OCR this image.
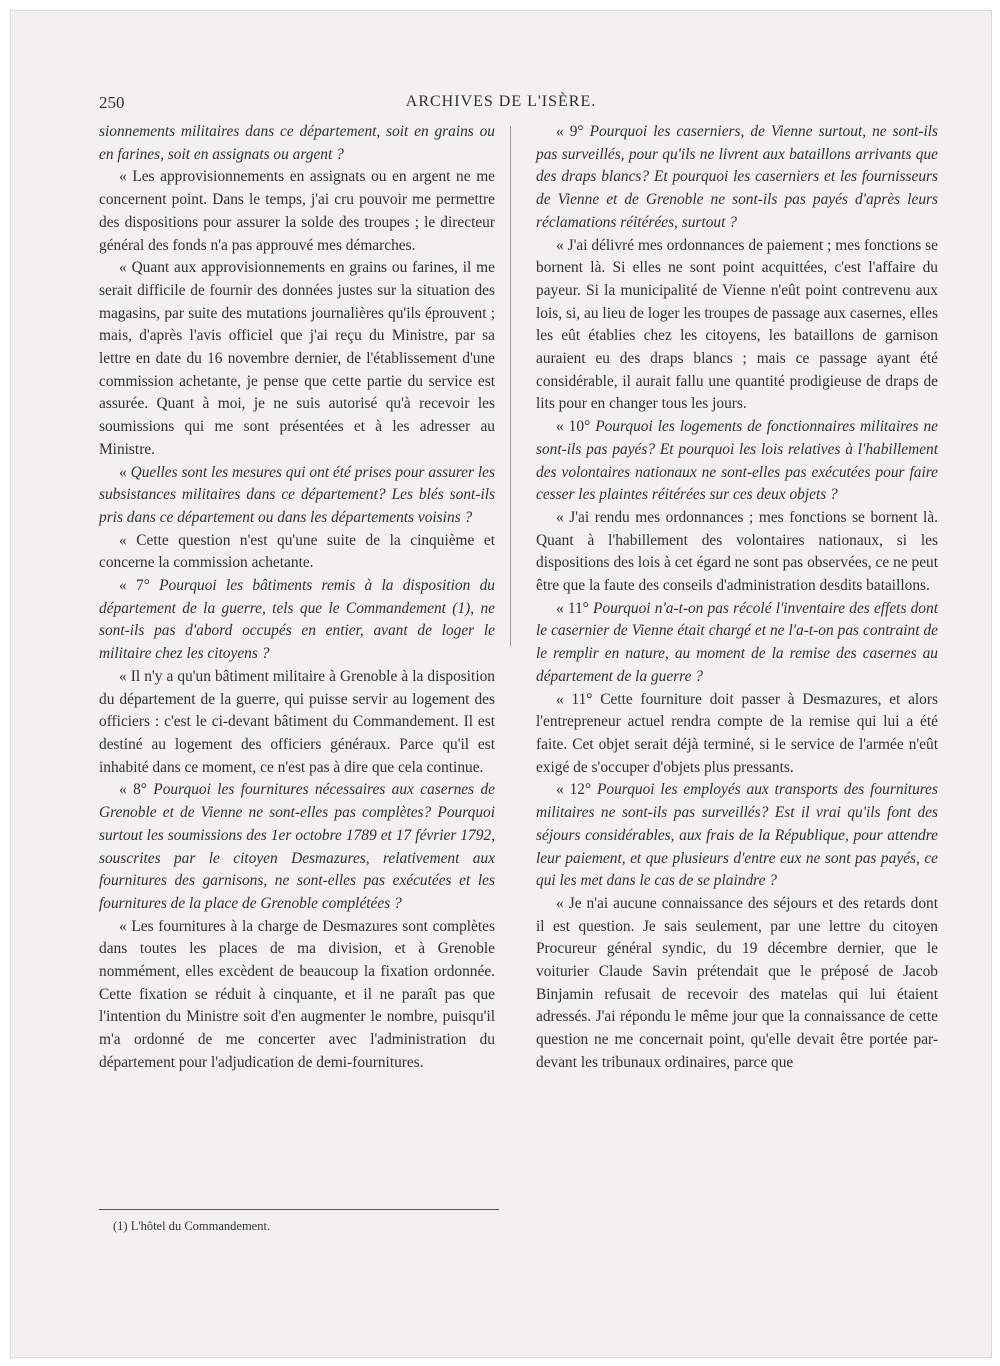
250	ARCHIVES DE L'ISÈRE.

sionnements militaires dans ce département, soit en grains ou en farines, soit en assignats ou argent ?

« Les approvisionnements en assignats ou en argent ne me concernent point. Dans le temps, j'ai cru pouvoir me permettre des dispositions pour assurer la solde des troupes ; le directeur général des fonds n'a pas approuvé mes démarches.

« Quant aux approvisionnements en grains ou farines, il me serait difficile de fournir des données justes sur la situation des magasins, par suite des mutations journalières qu'ils éprouvent ; mais, d'après l'avis officiel que j'ai reçu du Ministre, par sa lettre en date du 16 novembre dernier, de l'établissement d'une commission achetante, je pense que cette partie du service est assurée. Quant à moi, je ne suis autorisé qu'à recevoir les soumissions qui me sont présentées et à les adresser au Ministre.

« Quelles sont les mesures qui ont été prises pour assurer les subsistances militaires dans ce département? Les blés sont-ils pris dans ce département ou dans les départements voisins ?

« Cette question n'est qu'une suite de la cinquième et concerne la commission achetante.

« 7° Pourquoi les bâtiments remis à la disposition du département de la guerre, tels que le Commandement (1), ne sont-ils pas d'abord occupés en entier, avant de loger le militaire chez les citoyens ?

« Il n'y a qu'un bâtiment militaire à Grenoble à la disposition du département de la guerre, qui puisse servir au logement des officiers : c'est le ci-devant bâtiment du Commandement. Il est destiné au logement des officiers généraux. Parce qu'il est inhabité dans ce moment, ce n'est pas à dire que cela continue.

« 8° Pourquoi les fournitures nécessaires aux casernes de Grenoble et de Vienne ne sont-elles pas complètes? Pourquoi surtout les soumissions des 1er octobre 1789 et 17 février 1792, souscrites par le citoyen Desmazures, relativement aux fournitures des garnisons, ne sont-elles pas exécutées et les fournitures de la place de Grenoble complétées ?

« Les fournitures à la charge de Desmazures sont complètes dans toutes les places de ma division, et à Grenoble nommément, elles excèdent de beaucoup la fixation ordonnée. Cette fixation se réduit à cinquante, et il ne paraît pas que l'intention du Ministre soit d'en augmenter le nombre, puisqu'il m'a ordonné de me concerter avec l'administration du département pour l'adjudication de demi-fournitures.

« 9° Pourquoi les caserniers, de Vienne surtout, ne sont-ils pas surveillés, pour qu'ils ne livrent aux bataillons arrivants que des draps blancs? Et pourquoi les caserniers et les fournisseurs de Vienne et de Grenoble ne sont-ils pas payés d'après leurs réclamations réitérées, surtout ?

« J'ai délivré mes ordonnances de paiement ; mes fonctions se bornent là. Si elles ne sont point acquittées, c'est l'affaire du payeur. Si la municipalité de Vienne n'eût point contrevenu aux lois, si, au lieu de loger les troupes de passage aux casernes, elles les eût établies chez les citoyens, les bataillons de garnison auraient eu des draps blancs ; mais ce passage ayant été considérable, il aurait fallu une quantité prodigieuse de draps de lits pour en changer tous les jours.

« 10° Pourquoi les logements de fonctionnaires militaires ne sont-ils pas payés? Et pourquoi les lois relatives à l'habillement des volontaires nationaux ne sont-elles pas exécutées pour faire cesser les plaintes réitérées sur ces deux objets ?

« J'ai rendu mes ordonnances ; mes fonctions se bornent là. Quant à l'habillement des volontaires nationaux, si les dispositions des lois à cet égard ne sont pas observées, ce ne peut être que la faute des conseils d'administration desdits bataillons.

« 11° Pourquoi n'a-t-on pas récolé l'inventaire des effets dont le casernier de Vienne était chargé et ne l'a-t-on pas contraint de le remplir en nature, au moment de la remise des casernes au département de la guerre ?

« 11° Cette fourniture doit passer à Desmazures, et alors l'entrepreneur actuel rendra compte de la remise qui lui a été faite. Cet objet serait déjà terminé, si le service de l'armée n'eût exigé de s'occuper d'objets plus pressants.

« 12° Pourquoi les employés aux transports des fournitures militaires ne sont-ils pas surveillés? Est il vrai qu'ils font des séjours considérables, aux frais de la République, pour attendre leur paiement, et que plusieurs d'entre eux ne sont pas payés, ce qui les met dans le cas de se plaindre ?

« Je n'ai aucune connaissance des séjours et des retards dont il est question. Je sais seulement, par une lettre du citoyen Procureur général syndic, du 19 décembre dernier, que le voiturier Claude Savin prétendait que le préposé de Jacob Binjamin refusait de recevoir des matelas qui lui étaient adressés. J'ai répondu le même jour que la connaissance de cette question ne me concernait point, qu'elle devait être portée par-devant les tribunaux ordinaires, parce que

(1) L'hôtel du Commandement.
